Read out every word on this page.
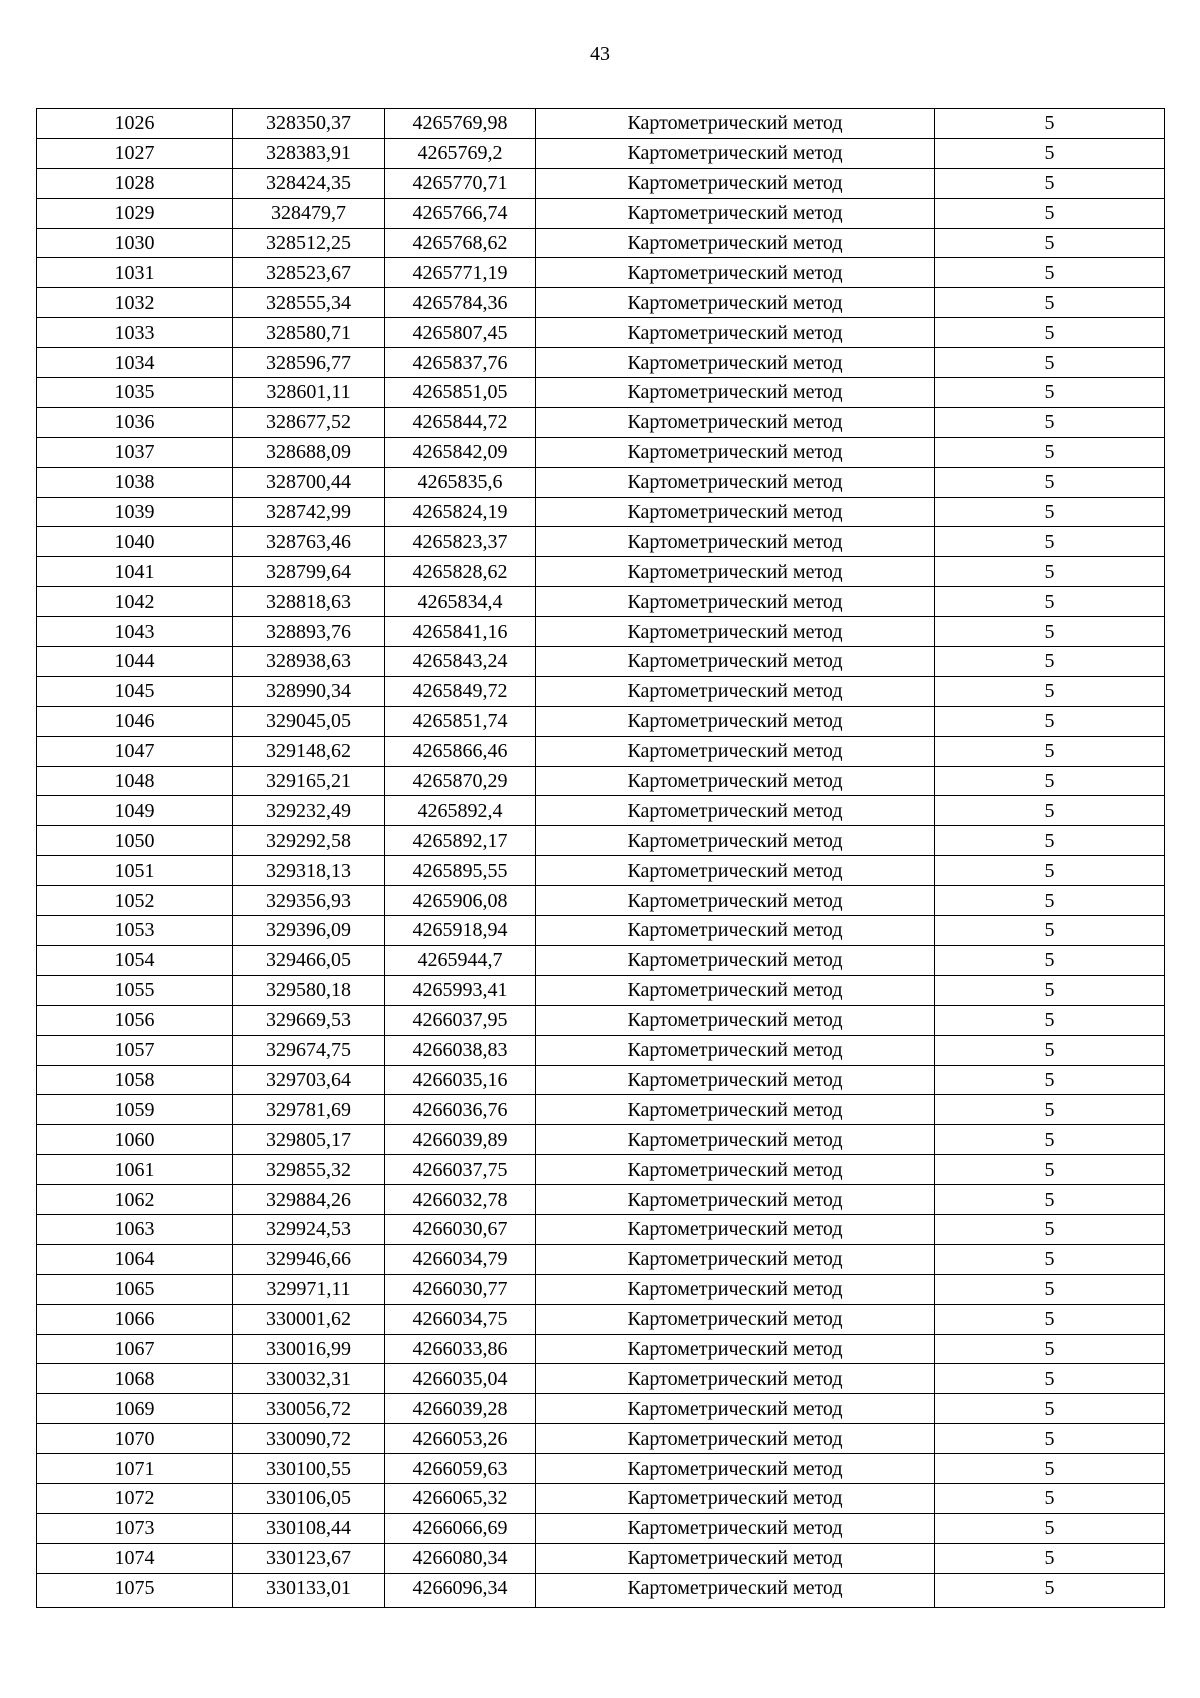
43
1026	328350,37	4265769,98	Картометрический метод	5
1027	328383,91	4265769,2	Картометрический метод	5
1028	328424,35	4265770,71	Картометрический метод	5
1029	328479,7	4265766,74	Картометрический метод	5
1030	328512,25	4265768,62	Картометрический метод	5
1031	328523,67	4265771,19	Картометрический метод	5
1032	328555,34	4265784,36	Картометрический метод	5
1033	328580,71	4265807,45	Картометрический метод	5
1034	328596,77	4265837,76	Картометрический метод	5
1035	328601,11	4265851,05	Картометрический метод	5
1036	328677,52	4265844,72	Картометрический метод	5
1037	328688,09	4265842,09	Картометрический метод	5
1038	328700,44	4265835,6	Картометрический метод	5
1039	328742,99	4265824,19	Картометрический метод	5
1040	328763,46	4265823,37	Картометрический метод	5
1041	328799,64	4265828,62	Картометрический метод	5
1042	328818,63	4265834,4	Картометрический метод	5
1043	328893,76	4265841,16	Картометрический метод	5
1044	328938,63	4265843,24	Картометрический метод	5
1045	328990,34	4265849,72	Картометрический метод	5
1046	329045,05	4265851,74	Картометрический метод	5
1047	329148,62	4265866,46	Картометрический метод	5
1048	329165,21	4265870,29	Картометрический метод	5
1049	329232,49	4265892,4	Картометрический метод	5
1050	329292,58	4265892,17	Картометрический метод	5
1051	329318,13	4265895,55	Картометрический метод	5
1052	329356,93	4265906,08	Картометрический метод	5
1053	329396,09	4265918,94	Картометрический метод	5
1054	329466,05	4265944,7	Картометрический метод	5
1055	329580,18	4265993,41	Картометрический метод	5
1056	329669,53	4266037,95	Картометрический метод	5
1057	329674,75	4266038,83	Картометрический метод	5
1058	329703,64	4266035,16	Картометрический метод	5
1059	329781,69	4266036,76	Картометрический метод	5
1060	329805,17	4266039,89	Картометрический метод	5
1061	329855,32	4266037,75	Картометрический метод	5
1062	329884,26	4266032,78	Картометрический метод	5
1063	329924,53	4266030,67	Картометрический метод	5
1064	329946,66	4266034,79	Картометрический метод	5
1065	329971,11	4266030,77	Картометрический метод	5
1066	330001,62	4266034,75	Картометрический метод	5
1067	330016,99	4266033,86	Картометрический метод	5
1068	330032,31	4266035,04	Картометрический метод	5
1069	330056,72	4266039,28	Картометрический метод	5
1070	330090,72	4266053,26	Картометрический метод	5
1071	330100,55	4266059,63	Картометрический метод	5
1072	330106,05	4266065,32	Картометрический метод	5
1073	330108,44	4266066,69	Картометрический метод	5
1074	330123,67	4266080,34	Картометрический метод	5
1075	330133,01	4266096,34	Картометрический метод	5
